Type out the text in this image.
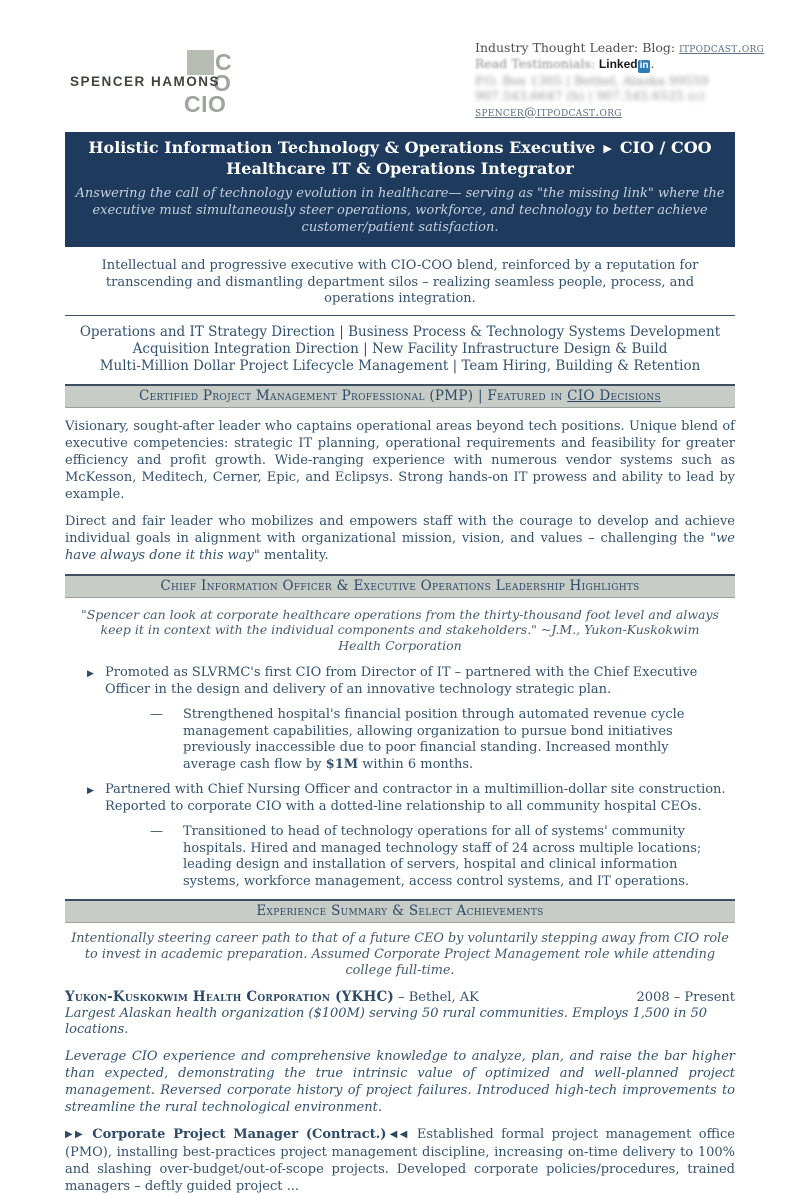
C
O
CIO
SPENCER HAMONS
Industry Thought Leader: Blog: itpodcast.org
Read Testimonials: Linked in .
P.O. Box 1305 | Bethel, Alaska 99559
907.543.6647 (h) | 907.545.6525 (c)
spencer@itpodcast.org
Holistic Information Technology & Operations Executive ▶ CIO / COO
Healthcare IT & Operations Integrator
Answering the call of technology evolution in healthcare— serving as "the missing link" where the executive must simultaneously steer operations, workforce, and technology to better achieve customer/patient satisfaction.
Intellectual and progressive executive with CIO-COO blend, reinforced by a reputation for transcending and dismantling department silos – realizing seamless people, process, and operations integration.
Operations and IT Strategy Direction | Business Process & Technology Systems Development
Acquisition Integration Direction | New Facility Infrastructure Design & Build
Multi-Million Dollar Project Lifecycle Management | Team Hiring, Building & Retention
Certified Project Management Professional (PMP) | Featured in CIO Decisions
Visionary, sought-after leader who captains operational areas beyond tech positions. Unique blend of executive competencies: strategic IT planning, operational requirements and feasibility for greater efficiency and profit growth. Wide-ranging experience with numerous vendor systems such as McKesson, Meditech, Cerner, Epic, and Eclipsys. Strong hands-on IT prowess and ability to lead by example.
Direct and fair leader who mobilizes and empowers staff with the courage to develop and achieve individual goals in alignment with organizational mission, vision, and values – challenging the "we have always done it this way" mentality.
Chief Information Officer & Executive Operations Leadership Highlights
"Spencer can look at corporate healthcare operations from the thirty-thousand foot level and always keep it in context with the individual components and stakeholders." ~J.M., Yukon-Kuskokwim Health Corporation
▶ Promoted as SLVRMC's first CIO from Director of IT – partnered with the Chief Executive Officer in the design and delivery of an innovative technology strategic plan.
— Strengthened hospital's financial position through automated revenue cycle management capabilities, allowing organization to pursue bond initiatives previously inaccessible due to poor financial standing. Increased monthly average cash flow by $1M within 6 months.
▶ Partnered with Chief Nursing Officer and contractor in a multimillion-dollar site construction. Reported to corporate CIO with a dotted-line relationship to all community hospital CEOs.
— Transitioned to head of technology operations for all of systems' community hospitals. Hired and managed technology staff of 24 across multiple locations; leading design and installation of servers, hospital and clinical information systems, workforce management, access control systems, and IT operations.
Experience Summary & Select Achievements
Intentionally steering career path to that of a future CEO by voluntarily stepping away from CIO role to invest in academic preparation. Assumed Corporate Project Management role while attending college full-time.
Yukon-Kuskokwim Health Corporation (YKHC) – Bethel, AK	2008 – Present
Largest Alaskan health organization ($100M) serving 50 rural communities. Employs 1,500 in 50 locations.
Leverage CIO experience and comprehensive knowledge to analyze, plan, and raise the bar higher than expected, demonstrating the true intrinsic value of optimized and well-planned project management. Reversed corporate history of project failures. Introduced high-tech improvements to streamline the rural technological environment.
▶▶ Corporate Project Manager (Contract.)◀◀ Established formal project management office (PMO), installing best-practices project management discipline, increasing on-time delivery to 100% and slashing over-budget/out-of-scope projects. Developed corporate policies/procedures, trained managers – deftly guided project ...
